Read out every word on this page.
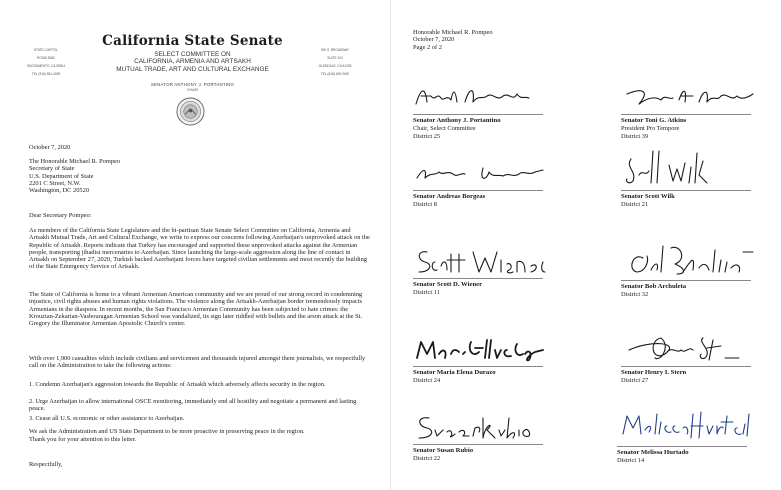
STATE CAPITOL

ROOM 5080

SACRAMENTO, CA 95814

TEL (916) 651-4025

California State Senate
SELECT COMMITTEE ON
CALIFORNIA, ARMENIA AND ARTSAKH
MUTUAL TRADE, ART AND CULTURAL EXCHANGE
SENATOR ANTHONY J. PORTANTINO
CHAIR

300 S. BROADWAY

SUITE 204

GLENDALE, CA 91205

TEL (818) 409-0400

October 7, 2020
The Honorable Michael R. Pompeo
Secretary of State
U.S. Department of State
2201 C Street, N.W.
Washington, DC 20520
Dear Secretary Pompeo:
As members of the California State Legislature and the bi-partisan State Senate Select Committee on California, Armenia and Artsakh Mutual Trade, Art and Cultural Exchange, we write to express our concerns following Azerbaijan's unprovoked attack on the Republic of Artsakh. Reports indicate that Turkey has encouraged and supported these unprovoked attacks against the Armenian people, transporting jihadist mercenaries to Azerbaijan. Since launching the large-scale aggression along the line of contact in Artsakh on September 27, 2020, Turkish backed Azerbaijani forces have targeted civilian settlements and most recently the building of the State Emergency Service of Artsakh.
The State of California is home to a vibrant Armenian American community and we are proud of our strong record in condemning injustice, civil rights abuses and human rights violations. The violence along the Artsakh-Azerbaijan border tremendously impacts Armenians in the diaspora. In recent months, the San Francisco Armenian Community has been subjected to hate crimes: the Krouzian-Zekarian-Vasbouragan Armenian School was vandalized, its sign later riddled with bullets and the arson attack at the St. Gregory the Illuminator Armenian Apostolic Church's center.
With over 1,900 casualties which include civilians and servicemen and thousands injured amongst them journalists, we respectfully call on the Administration to take the following actions:
1. Condemn Azerbaijan's aggression towards the Republic of Artsakh which adversely affects security in the region.
2. Urge Azerbaijan to allow international OSCE monitoring, immediately end all hostility and negotiate a permanent and lasting peace.
3. Cease all U.S. economic or other assistance to Azerbaijan.
We ask the Administration and US State Department to be more proactive in preserving peace in the region.
Thank you for your attention to this letter.
Respectfully,
Honorable Michael R. Pompeo
October 7, 2020
Page 2 of 2
Senator Anthony J. Portantino
Chair, Select Committee
District 25
Senator Toni G. Atkins
President Pro Tempore
District 39
Senator Andreas Borgeas
District 8
Senator Scott Wilk
District 21
Senator Scott D. Wiener
District 11
Senator Bob Archuleta
District 32
Senator Maria Elena Durazo
District 24
Senator Henry I. Stern
District 27
Senator Susan Rubio
District 22
Senator Melissa Hurtado
District 14
